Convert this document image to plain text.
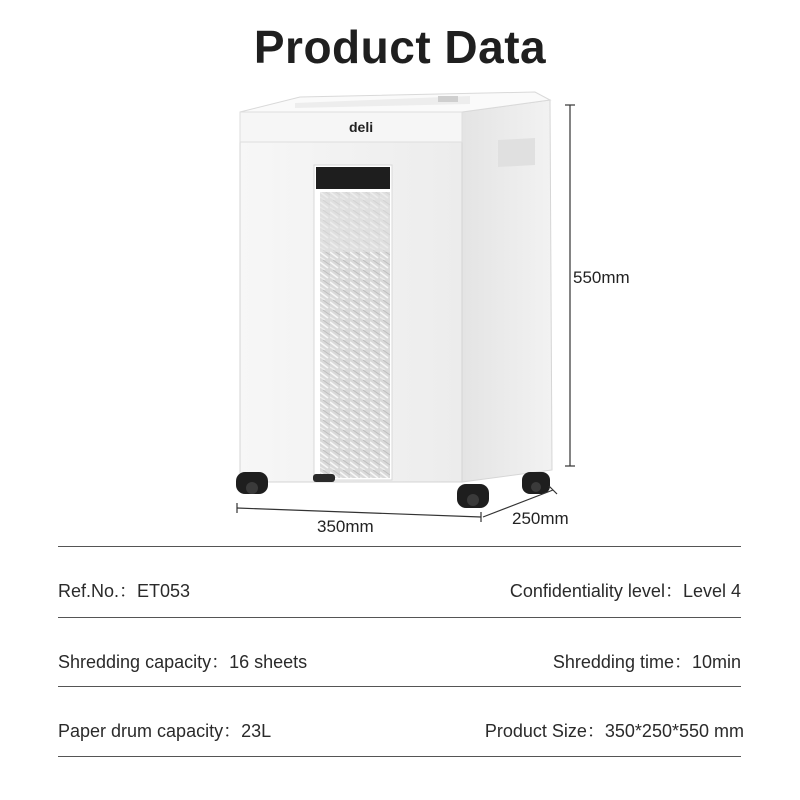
Product Data
deli
550mm
350mm	250mm
Ref.No.：ET053	Confidentiality level：Level 4
Shredding capacity：16 sheets	Shredding time：10min
Paper drum capacity：23L	Product Size：350*250*550 mm
